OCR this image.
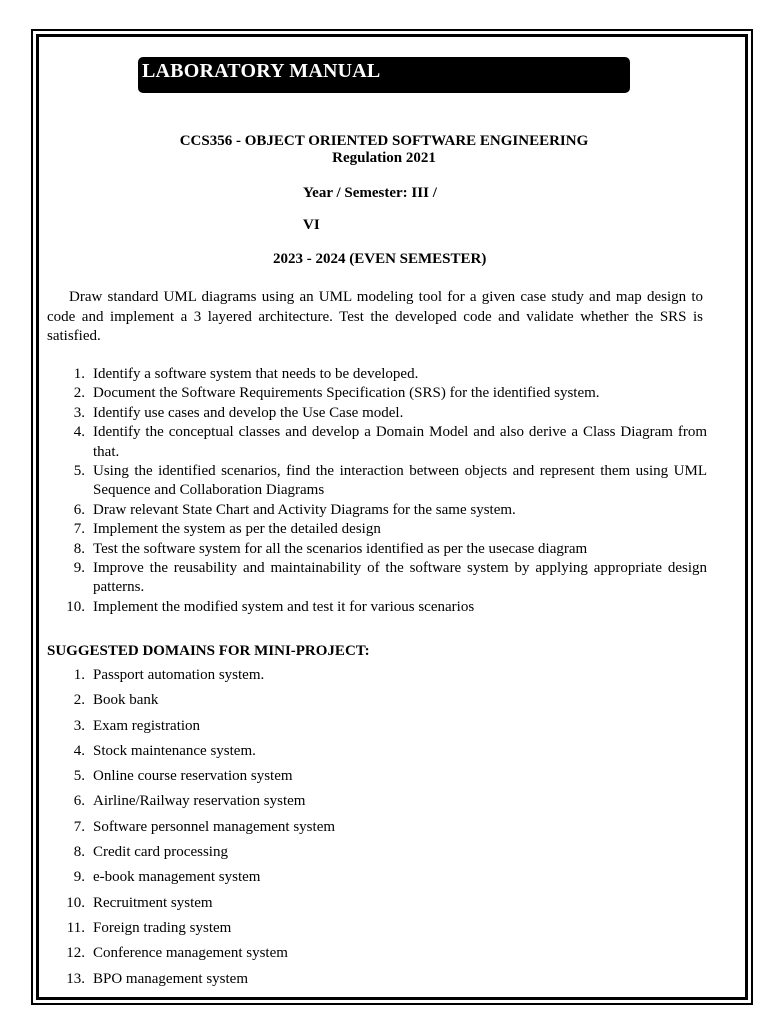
LABORATORY MANUAL
CCS356 - OBJECT ORIENTED SOFTWARE ENGINEERING
Regulation 2021
Year / Semester: III /
VI
2023 - 2024 (EVEN SEMESTER)
Draw standard UML diagrams using an UML modeling tool for a given case study and map design to code and implement a 3 layered architecture. Test the developed code and validate whether the SRS is satisfied.
1. Identify a software system that needs to be developed.
2. Document the Software Requirements Specification (SRS) for the identified system.
3. Identify use cases and develop the Use Case model.
4. Identify the conceptual classes and develop a Domain Model and also derive a Class Diagram from that.
5. Using the identified scenarios, find the interaction between objects and represent them using UML Sequence and Collaboration Diagrams
6. Draw relevant State Chart and Activity Diagrams for the same system.
7. Implement the system as per the detailed design
8. Test the software system for all the scenarios identified as per the usecase diagram
9. Improve the reusability and maintainability of the software system by applying appropriate design patterns.
10. Implement the modified system and test it for various scenarios
SUGGESTED DOMAINS FOR MINI-PROJECT:
1. Passport automation system.
2. Book bank
3. Exam registration
4. Stock maintenance system.
5. Online course reservation system
6. Airline/Railway reservation system
7. Software personnel management system
8. Credit card processing
9. e-book management system
10. Recruitment system
11. Foreign trading system
12. Conference management system
13. BPO management system
